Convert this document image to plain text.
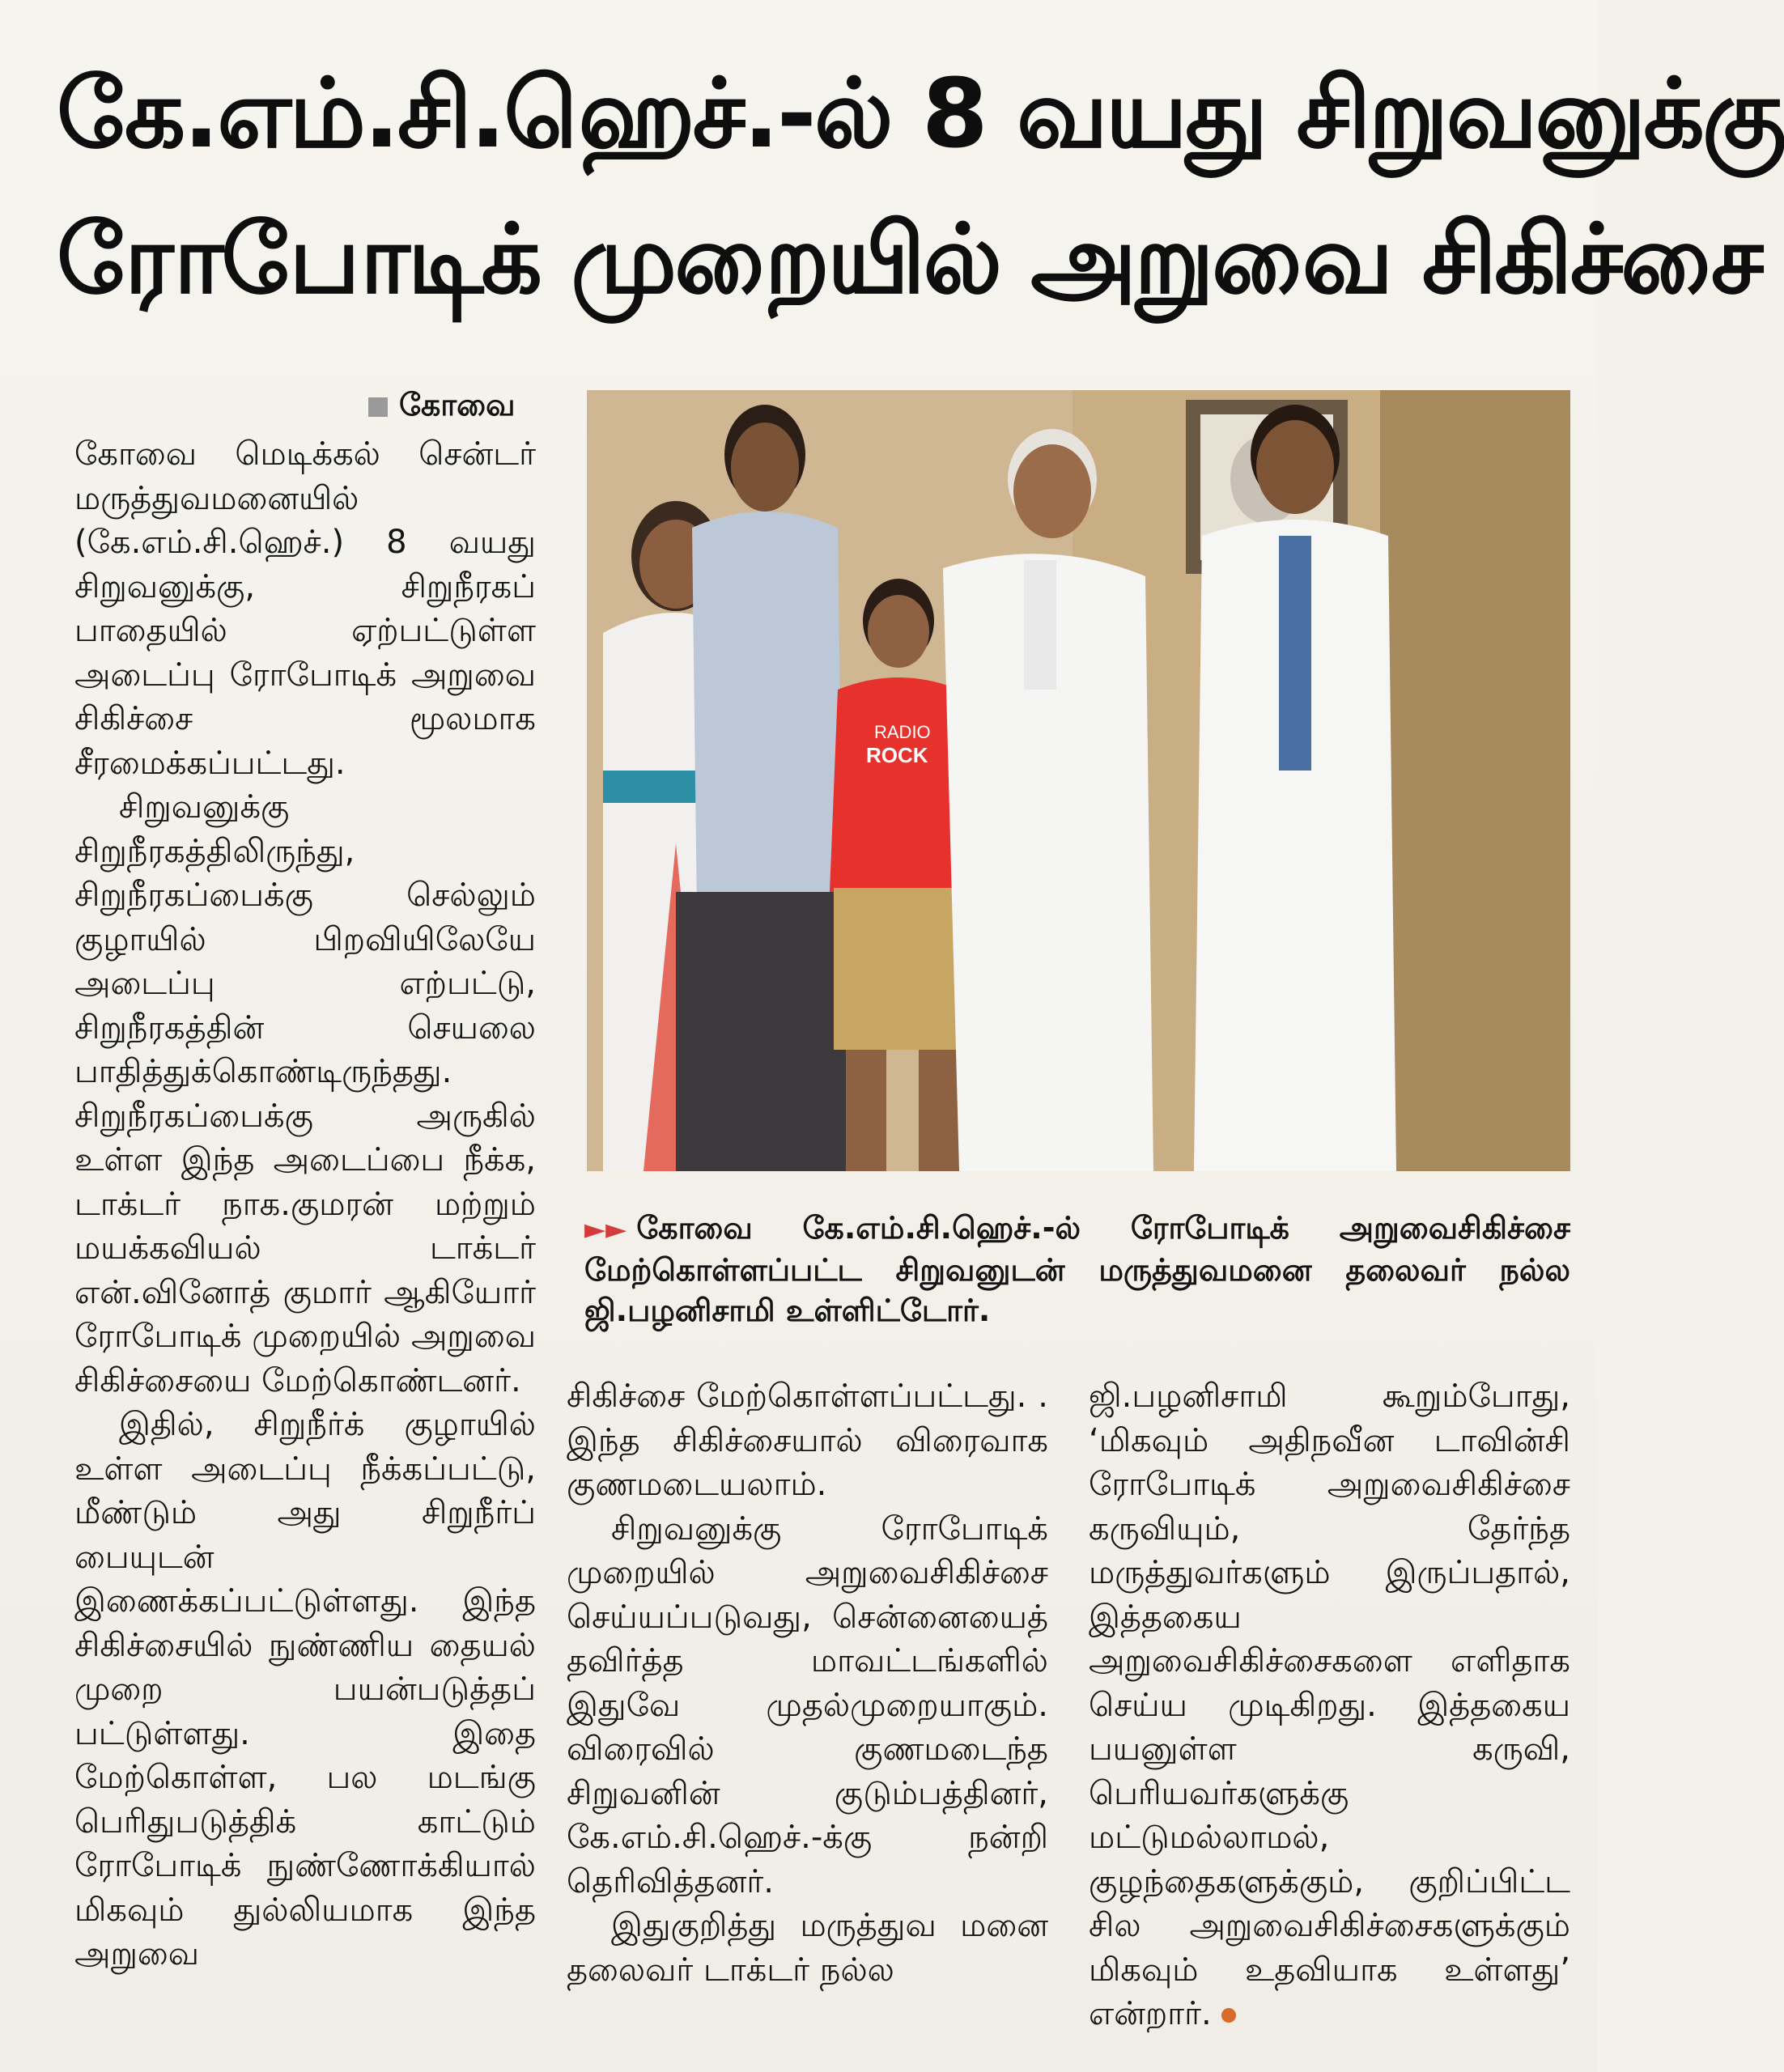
கே.எம்.சி.ஹெச்.-ல் 8 வயது சிறுவனுக்கு
ரோபோடிக் முறையில் அறுவை சிகிச்சை
கோவை

கோவை மெடிக்கல் சென்டர் மருத்துவமனையில் (கே.எம்.சி.ஹெச்.) 8 வயது சிறுவனுக்கு, சிறுநீரகப் பாதையில் ஏற்பட்டுள்ள அடைப்பு ரோபோடிக் அறுவை சிகிச்சை மூலமாக சீரமைக்கப்பட்டது.

சிறுவனுக்கு சிறுநீரகத்திலிருந்து, சிறுநீரகப்பைக்கு செல்லும் குழாயில் பிறவியிலேயே அடைப்பு எற்பட்டு, சிறுநீரகத்தின் செயலை பாதித்துக்கொண்டிருந்தது. சிறுநீரகப்பைக்கு அருகில் உள்ள இந்த அடைப்பை நீக்க, டாக்டர் நாக.குமரன் மற்றும் மயக்கவியல் டாக்டர் என்.வினோத் குமார் ஆகியோர் ரோபோடிக் முறையில் அறுவை சிகிச்சையை மேற்கொண்டனர்.

இதில், சிறுநீர்க் குழாயில் உள்ள அடைப்பு நீக்கப்பட்டு, மீண்டும் அது சிறுநீர்ப் பையுடன் இணைக்கப்பட்டுள்ளது. இந்த சிகிச்சையில் நுண்ணிய தையல் முறை பயன்படுத்தப் பட்டுள்ளது. இதை மேற்கொள்ள, பல மடங்கு பெரிதுபடுத்திக் காட்டும் ரோபோடிக் நுண்ணோக்கியால் மிகவும் துல்லியமாக இந்த அறுவை

RADIO
ROCK
►► கோவை கே.எம்.சி.ஹெச்.-ல் ரோபோடிக் அறுவைசிகிச்சை மேற்கொள்ளப்பட்ட சிறுவனுடன் மருத்துவமனை தலைவர் நல்ல ஜி.பழனிசாமி உள்ளிட்டோர்.

சிகிச்சை மேற்கொள்ளப்பட்டது. . இந்த சிகிச்சையால் விரைவாக குணமடையலாம்.

சிறுவனுக்கு ரோபோடிக் முறையில் அறுவைசிகிச்சை செய்யப்படுவது, சென்னையைத் தவிர்த்த மாவட்டங்களில் இதுவே முதல்முறையாகும். விரைவில் குணமடைந்த சிறுவனின் குடும்பத்தினர், கே.எம்.சி.ஹெச்.-க்கு நன்றி தெரிவித்தனர்.

இதுகுறித்து மருத்துவ மனை தலைவர் டாக்டர் நல்ல

ஜி.பழனிசாமி கூறும்போது, ‘மிகவும் அதிநவீன டாவின்சி ரோபோடிக் அறுவைசிகிச்சை கருவியும், தேர்ந்த மருத்துவர்களும் இருப்பதால், இத்தகைய அறுவைசிகிச்சைகளை எளிதாக செய்ய முடிகிறது. இத்தகைய பயனுள்ள கருவி, பெரியவர்களுக்கு மட்டுமல்லாமல், குழந்தைகளுக்கும், குறிப்பிட்ட சில அறுவைசிகிச்சைகளுக்கும் மிகவும் உதவியாக உள்ளது’ என்றார்.
